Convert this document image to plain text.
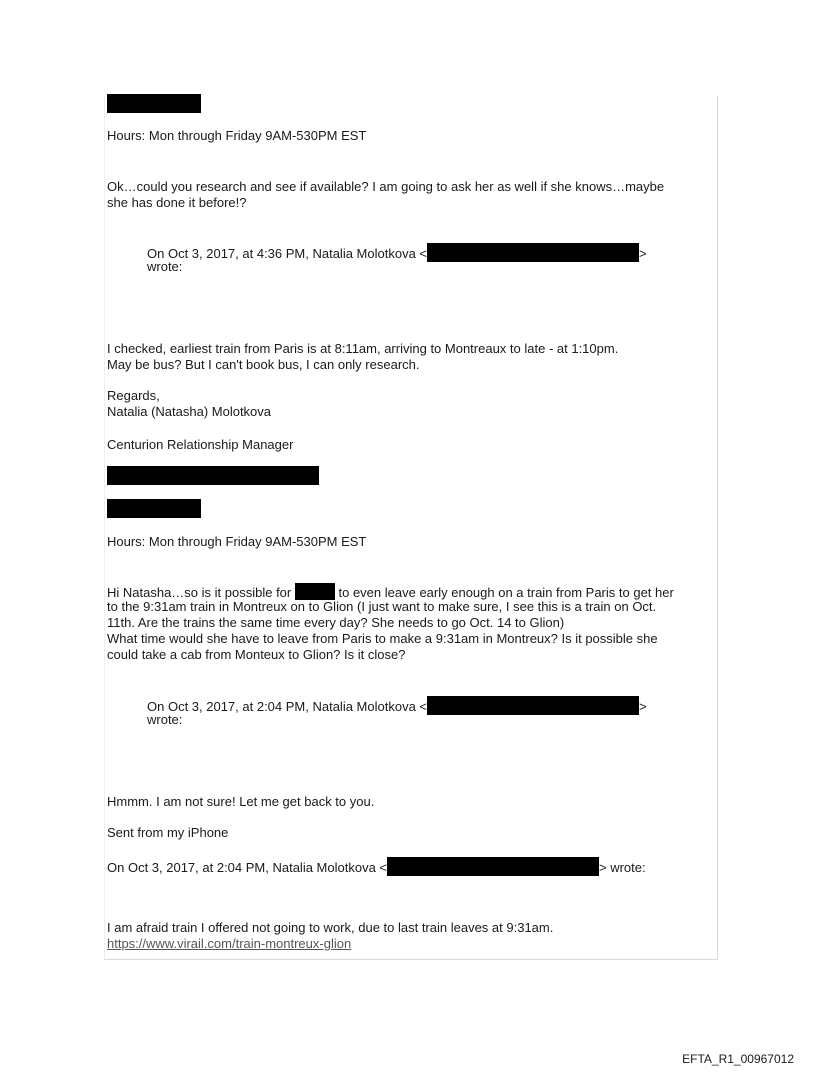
Hours: Mon through Friday 9AM-530PM EST
Ok…could you research and see if available? I am going to ask her as well if she knows…maybe
she has done it before!?
On Oct 3, 2017, at 4:36 PM, Natalia Molotkova <	>
wrote:
I checked, earliest train from Paris is at 8:11am, arriving to Montreaux to late - at 1:10pm.
May be bus? But I can't book bus, I can only research.
Regards,
Natalia (Natasha) Molotkova
Centurion Relationship Manager
Hours: Mon through Friday 9AM-530PM EST
Hi Natasha…so is it possible for	to even leave early enough on a train from Paris to get her
to the 9:31am train in Montreux on to Glion (I just want to make sure, I see this is a train on Oct.
11th. Are the trains the same time every day? She needs to go Oct. 14 to Glion)
What time would she have to leave from Paris to make a 9:31am in Montreux? Is it possible she
could take a cab from Monteux to Glion? Is it close?
On Oct 3, 2017, at 2:04 PM, Natalia Molotkova <	>
wrote:
Hmmm. I am not sure! Let me get back to you.
Sent from my iPhone
On Oct 3, 2017, at 2:04 PM, Natalia Molotkova <	> wrote:
I am afraid train I offered not going to work, due to last train leaves at 9:31am.
https://www.virail.com/train-montreux-glion
EFTA_R1_00967012
